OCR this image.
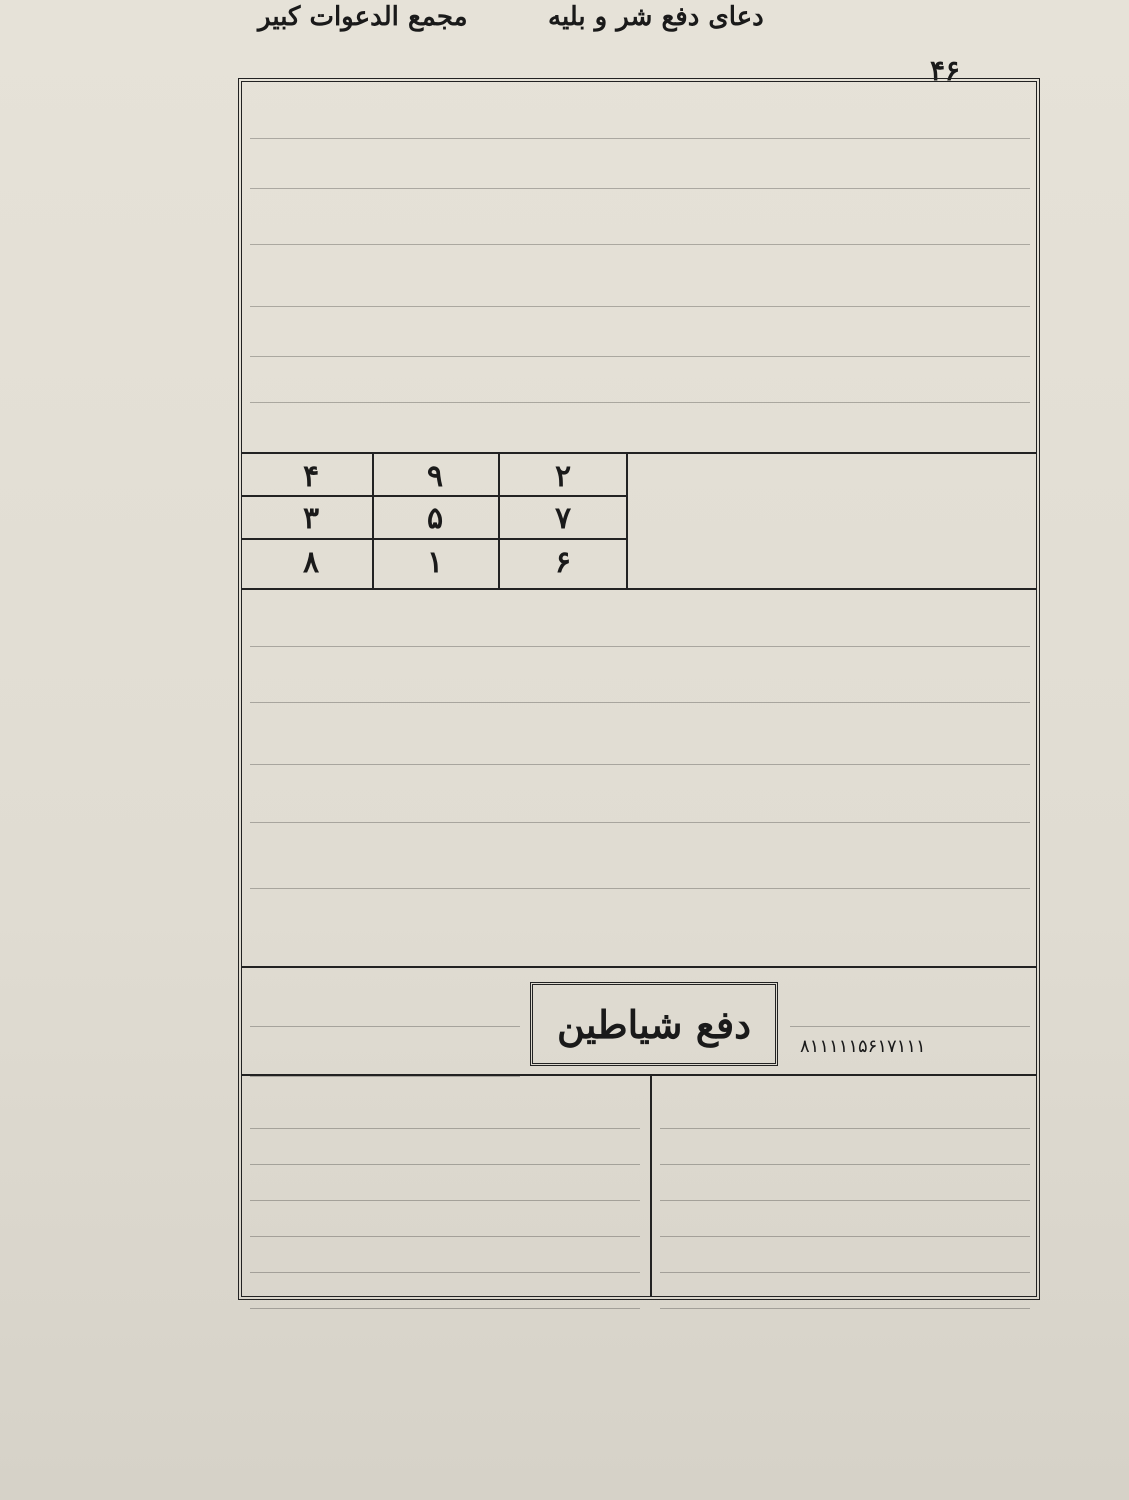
مجمع الدعوات کبیر	دعای دفع شر و بلیه
۴۶
۴	۹	۲
۳	۵	۷
۸	۱	۶
دفع شیاطین	۸۱۱۱۱۱۵۶۱۷۱۱۱
